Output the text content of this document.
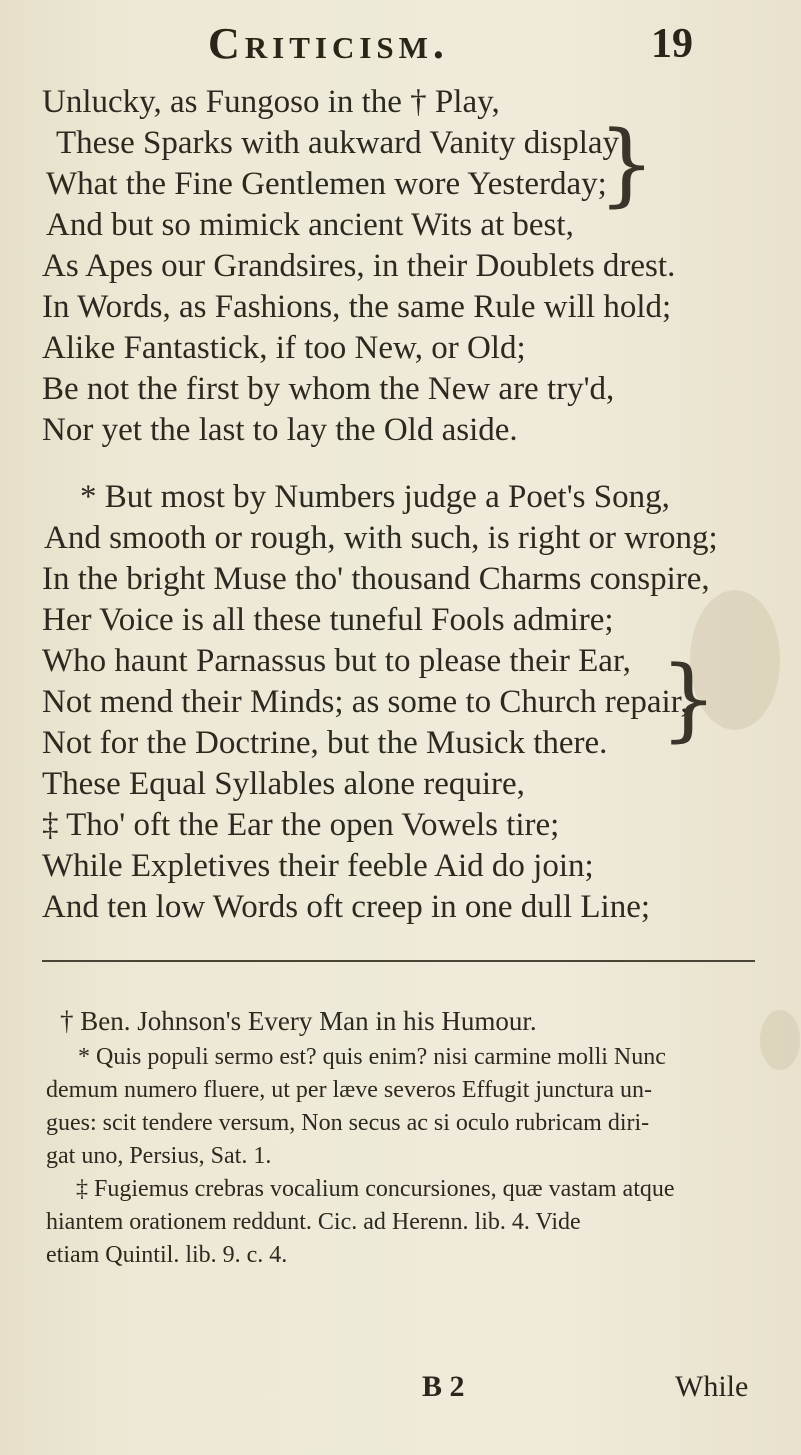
Criticism.	19
Unlucky, as Fungoso in the † Play,
These Sparks with aukward Vanity display
What the Fine Gentlemen wore Yesterday;
And but so mimick ancient Wits at best,
As Apes our Grandsires, in their Doublets drest.
In Words, as Fashions, the same Rule will hold;
Alike Fantastick, if too New, or Old;
Be not the first by whom the New are try'd,
Nor yet the last to lay the Old aside.
}
* But most by Numbers judge a Poet's Song,
And smooth or rough, with such, is right or wrong;
In the bright Muse tho' thousand Charms conspire,
Her Voice is all these tuneful Fools admire;
Who haunt Parnassus but to please their Ear,
Not mend their Minds; as some to Church repair,
Not for the Doctrine, but the Musick there.
These Equal Syllables alone require,
‡ Tho' oft the Ear the open Vowels tire;
While Expletives their feeble Aid do join;
And ten low Words oft creep in one dull Line;
}
† Ben. Johnson's Every Man in his Humour.
* Quis populi sermo est? quis enim? nisi carmine molli Nunc
demum numero fluere, ut per læve severos Effugit junctura un-
gues: scit tendere versum, Non secus ac si oculo rubricam diri-
gat uno, Persius, Sat. 1.
‡ Fugiemus crebras vocalium concursiones, quæ vastam atque
hiantem orationem reddunt. Cic. ad Herenn. lib. 4. Vide
etiam Quintil. lib. 9. c. 4.
B 2	While
